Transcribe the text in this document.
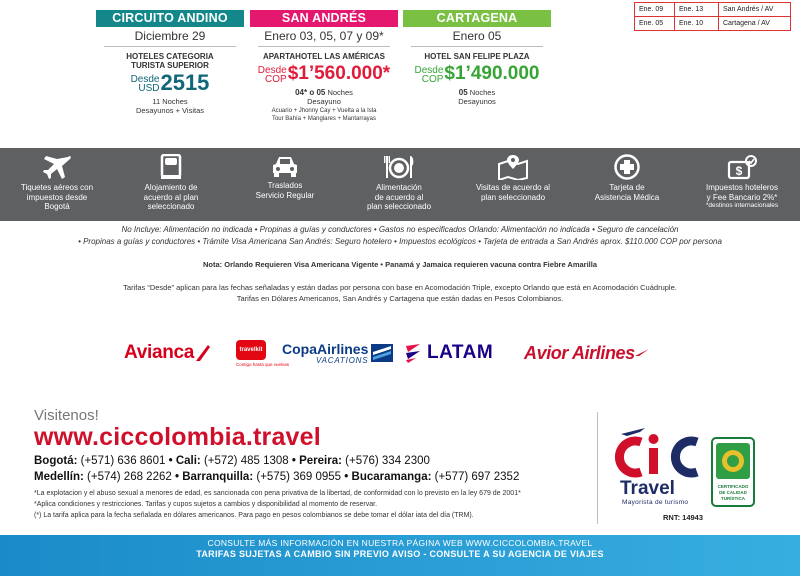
CIRCUITO ANDINO
Diciembre 29
HOTELES CATEGORIA
TURISTA SUPERIOR
Desde
USD 2515
11 Noches
Desayunos + Visitas
SAN ANDRÉS
Enero 03, 05, 07 y 09*
APARTAHOTEL LAS AMÉRICAS
Desde
COP $1’560.000*
04* o 05 Noches
Desayuno
Acuario + Jhonny Cay + Vuelta a la Isla
Tour Bahía + Manglares + Mantarrayas
CARTAGENA
Enero 05
HOTEL SAN FELIPE PLAZA
Desde
COP $1’490.000
05 Noches
Desayunos
Ene. 09	Ene. 13	San Andrés / AV
Ene. 05	Ene. 10	Cartagena / AV
Tiquetes aéreos con
impuestos desde
Bogotá
Alojamiento de
acuerdo al plan
seleccionado
Traslados
Servicio Regular
Alimentación
de acuerdo al
plan seleccionado
Visitas de acuerdo al
plan seleccionado
Tarjeta de
Asistencia Médica
$
Impuestos hoteleros
y Fee Bancario 2%*
*destinos internacionales
No Incluye: Alimentación no indicada • Propinas a guías y conductores • Gastos no especificados Orlando: Alimentación no indicada • Seguro de cancelación
• Propinas a guías y conductores • Trámite Visa Americana San Andrés: Seguro hotelero • Impuestos ecológicos • Tarjeta de entrada a San Andrés aprox. $110.000 COP por persona
Nota: Orlando Requieren Visa Americana Vigente • Panamá y Jamaica requieren vacuna contra Fiebre Amarilla
Tarifas “Desde” aplican para las fechas señaladas y están dadas por persona con base en Acomodación Triple, excepto Orlando que está en Acomodación Cuádruple.
Tarifas en Dólares Americanos, San Andrés y Cartagena que están dadas en Pesos Colombianos.
Avianca	travelkit
Contigo hasta que vuelvas
CopaAirlines
VACATIONS	LATAM Avior Airlines
Visitenos!
www.ciccolombia.travel
Bogotá: (+571) 636 8601 • Cali: (+572) 485 1308 • Pereira: (+576) 334 2300
Medellín: (+574) 268 2262 • Barranquilla: (+575) 369 0955 • Bucaramanga: (+577) 697 2352
*La explotacion y el abuso sexual a menores de edad, es sancionada con pena privativa de la libertad, de conformidad con lo previsto en la ley 679 de 2001*
*Aplica condiciones y restricciones. Tarifas y cupos sujetos a cambios y disponibilidad al momento de reservar.
(*) La tarifa aplica para la fecha señalada en dólares americanos. Para pago en pesos colombianos se debe tomar el dólar iata del día (TRM).
Travel
Mayorista de turismo
CERTIFICADO
DE CALIDAD
TURÍSTICA
RNT: 14943
CONSULTE MÁS INFORMACIÓN EN NUESTRA PÁGINA WEB WWW.CICCOLOMBIA.TRAVEL
TARIFAS SUJETAS A CAMBIO SIN PREVIO AVISO - CONSULTE A SU AGENCIA DE VIAJES
